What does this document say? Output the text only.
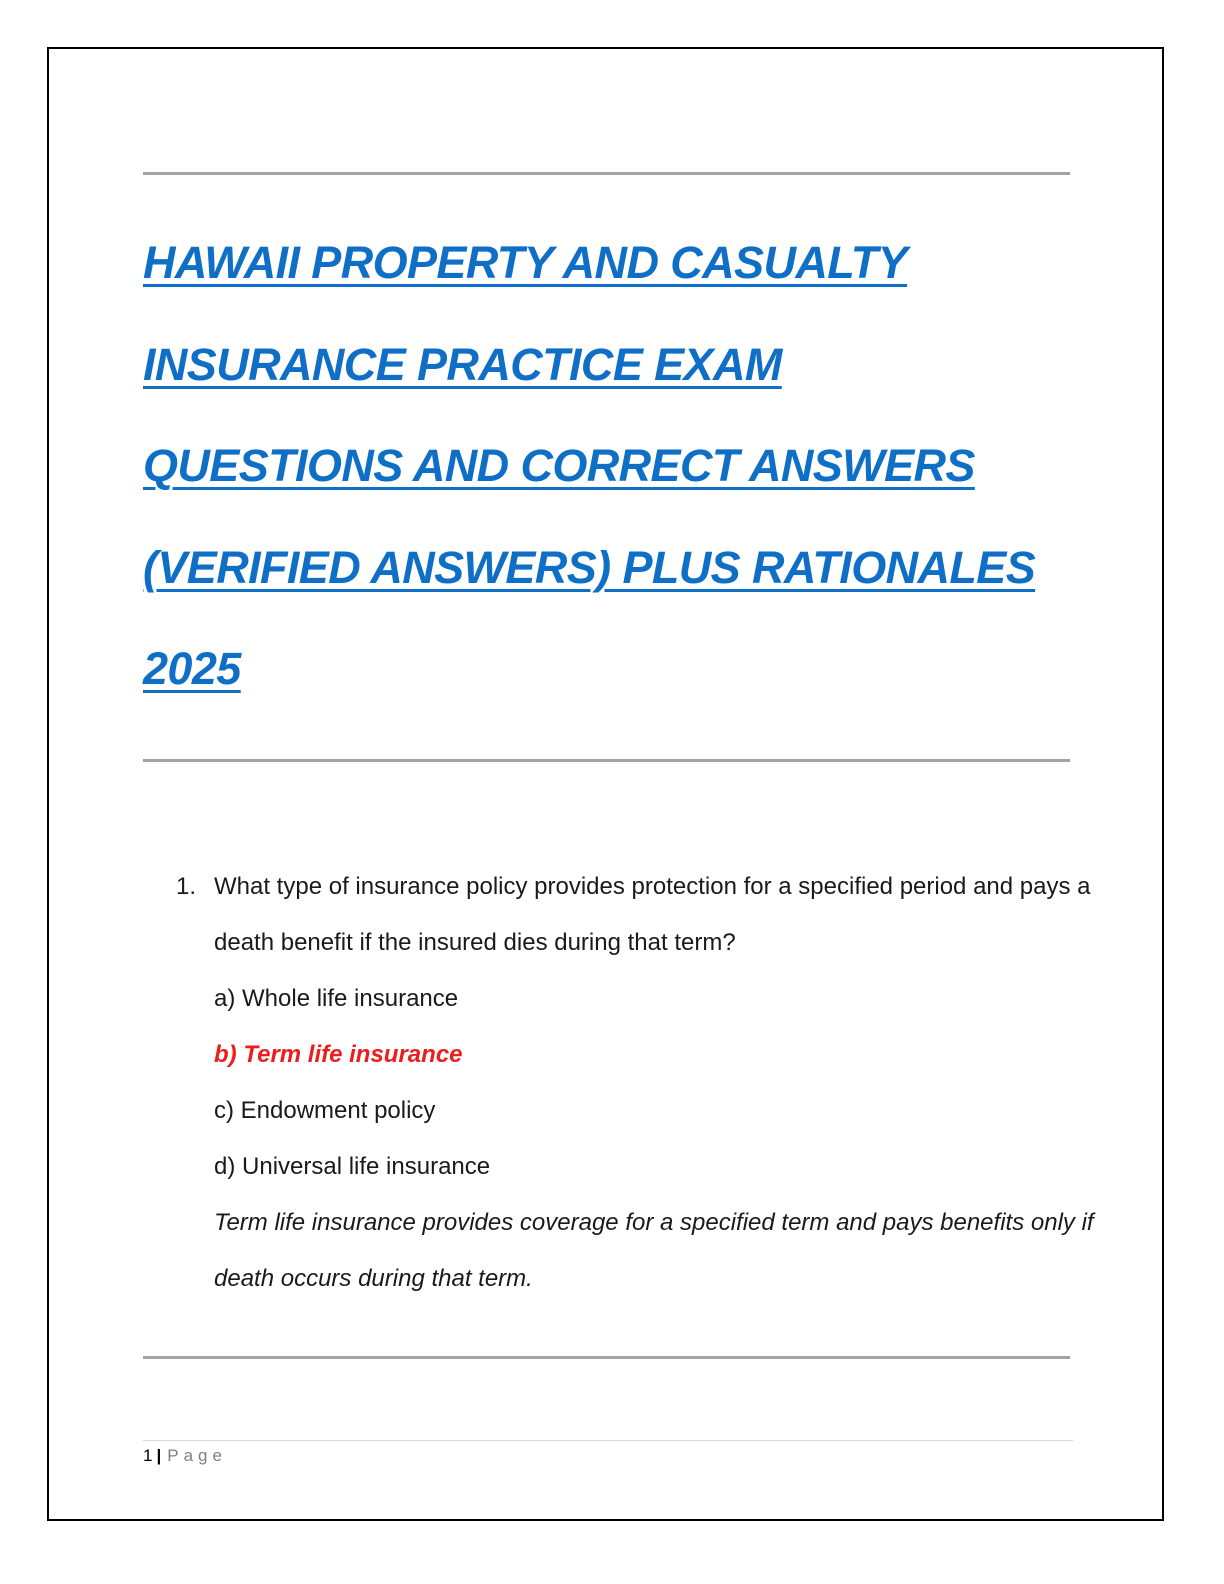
HAWAII PROPERTY AND CASUALTY
INSURANCE PRACTICE EXAM
QUESTIONS AND CORRECT ANSWERS
(VERIFIED ANSWERS) PLUS RATIONALES
2025
1. What type of insurance policy provides protection for a specified period and pays a death benefit if the insured dies during that term?
a) Whole life insurance
b) Term life insurance
c) Endowment policy
d) Universal life insurance
Term life insurance provides coverage for a specified term and pays benefits only if death occurs during that term.
1 | Page
